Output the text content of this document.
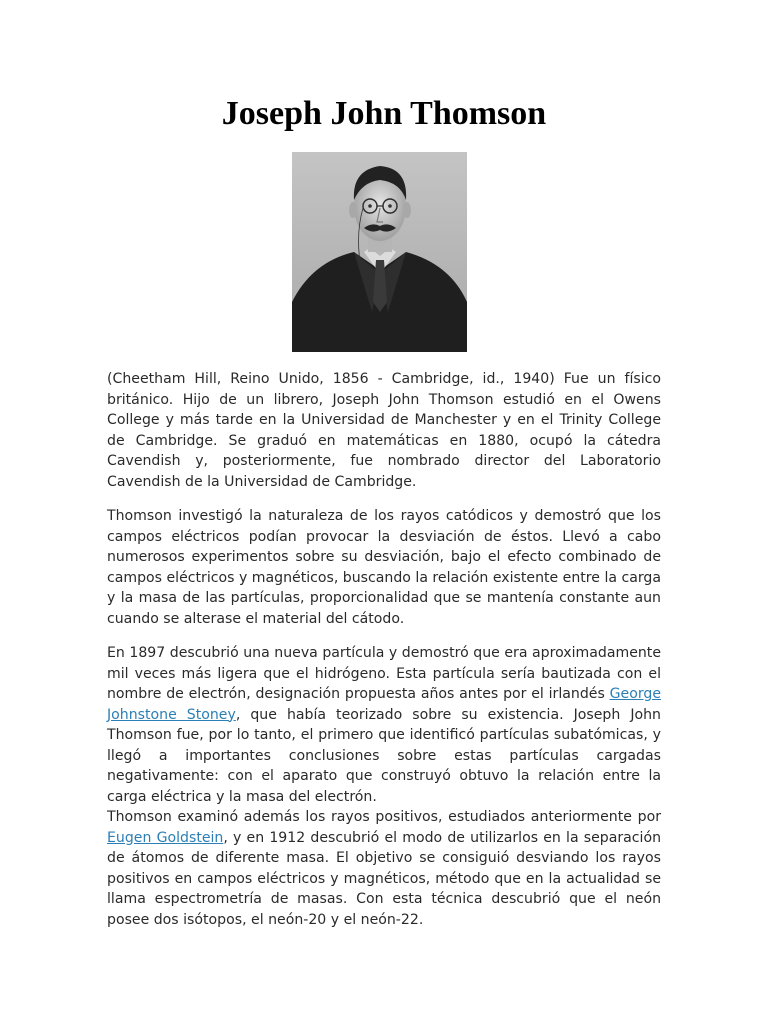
Joseph John Thomson

(Cheetham Hill, Reino Unido, 1856 - Cambridge, id., 1940) Fue un físico británico. Hijo de un librero, Joseph John Thomson estudió en el Owens College y más tarde en la Universidad de Manchester y en el Trinity College de Cambridge. Se graduó en matemáticas en 1880, ocupó la cátedra Cavendish y, posteriormente, fue nombrado director del Laboratorio Cavendish de la Universidad de Cambridge.

Thomson investigó la naturaleza de los rayos catódicos y demostró que los campos eléctricos podían provocar la desviación de éstos. Llevó a cabo numerosos experimentos sobre su desviación, bajo el efecto combinado de campos eléctricos y magnéticos, buscando la relación existente entre la carga y la masa de las partículas, proporcionalidad que se mantenía constante aun cuando se alterase el material del cátodo.

En 1897 descubrió una nueva partícula y demostró que era aproximadamente mil veces más ligera que el hidrógeno. Esta partícula sería bautizada con el nombre de electrón, designación propuesta años antes por el irlandés George Johnstone Stoney, que había teorizado sobre su existencia. Joseph John Thomson fue, por lo tanto, el primero que identificó partículas subatómicas, y llegó a importantes conclusiones sobre estas partículas cargadas negativamente: con el aparato que construyó obtuvo la relación entre la carga eléctrica y la masa del electrón.

Thomson examinó además los rayos positivos, estudiados anteriormente por Eugen Goldstein, y en 1912 descubrió el modo de utilizarlos en la separación de átomos de diferente masa. El objetivo se consiguió desviando los rayos positivos en campos eléctricos y magnéticos, método que en la actualidad se llama espectrometría de masas. Con esta técnica descubrió que el neón posee dos isótopos, el neón-20 y el neón-22.
